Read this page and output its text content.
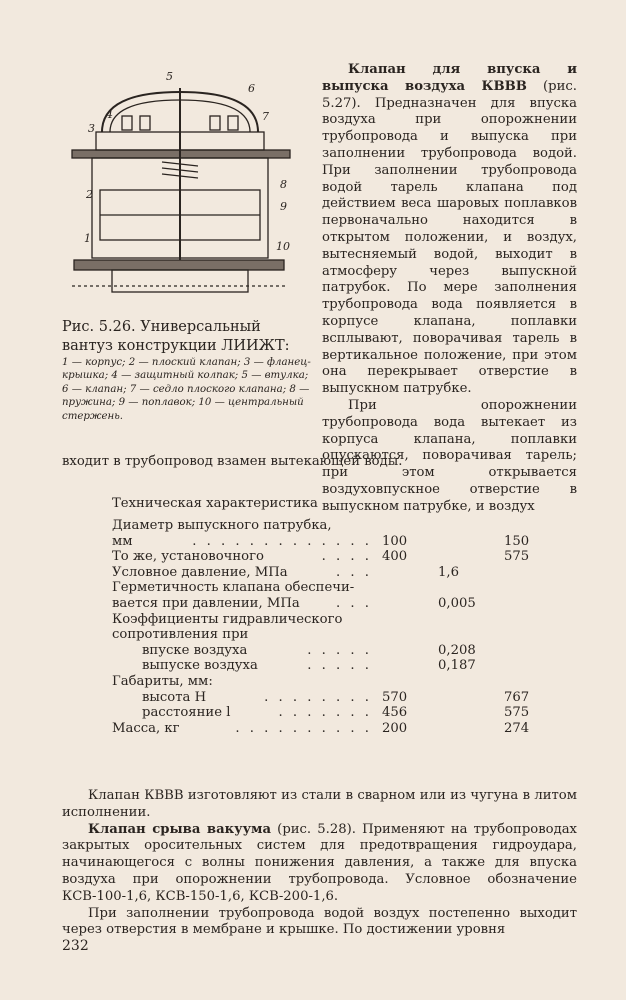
5
6
4	7
3
8
2
9
1
10
Рис. 5.26. Универсальный вантуз конструкции ЛИИЖТ:
1 — корпус; 2 — плоский клапан; 3 — фланец-крышка; 4 — защитный колпак; 5 — втулка; 6 — клапан; 7 — седло плоского клапана; 8 — пружина; 9 — поплавок; 10 — центральный стержень.

Клапан для впуска и выпуска воздуха КВВВ (рис. 5.27). Предназначен для впуска воздуха при опорожнении трубопровода и выпуска при заполнении трубопровода водой. При заполнении трубопровода водой тарель клапана под действием веса шаровых поплавков первоначально находится в открытом положении, и воздух, вытесняемый водой, выходит в атмосферу через выпускной патрубок. По мере заполнения трубопровода вода появляется в корпусе клапана, поплавки всплывают, поворачивая тарель в вертикальное положение, при этом она перекрывает отверстие в выпускном патрубке.

При опорожнении трубопровода вода вытекает из корпуса клапана, поплавки опускаются, поворачивая тарель; при этом открывается воздуховпускное отверстие в выпускном патрубке, и воздух

входит в трубопровод взамен вытекающей воды.

Техническая характеристика
Диаметр выпускного патрубка,
мм	. . . . . . . . . . . . . 100	150
То же, установочного	. . . . 400	575
Условное давление, МПа	. . .	1,6
Герметичность клапана обеспечи-
вается при давлении, МПа	. . .	0,005
Коэффициенты гидравлического
сопротивления при
впуске воздуха	. . . . .	0,208
выпуске воздуха	. . . . .	0,187
Габариты, мм:
высота H	. . . . . . . . 570	767
расстояние l	. . . . . . . 456	575
Масса, кг	. . . . . . . . . . 200	274

Клапан КВВВ изготовляют из стали в сварном или из чугуна в литом исполнении.

Клапан срыва вакуума (рис. 5.28). Применяют на трубопроводах закрытых оросительных систем для предотвращения гидроудара, начинающегося с волны понижения давления, а также для впуска воздуха при опорожнении трубопровода. Условное обозначение КСВ-100-1,6, КСВ-150-1,6, КСВ-200-1,6.

При заполнении трубопровода водой воздух постепенно выходит через отверстия в мембране и крышке. По достижении уровня

232
